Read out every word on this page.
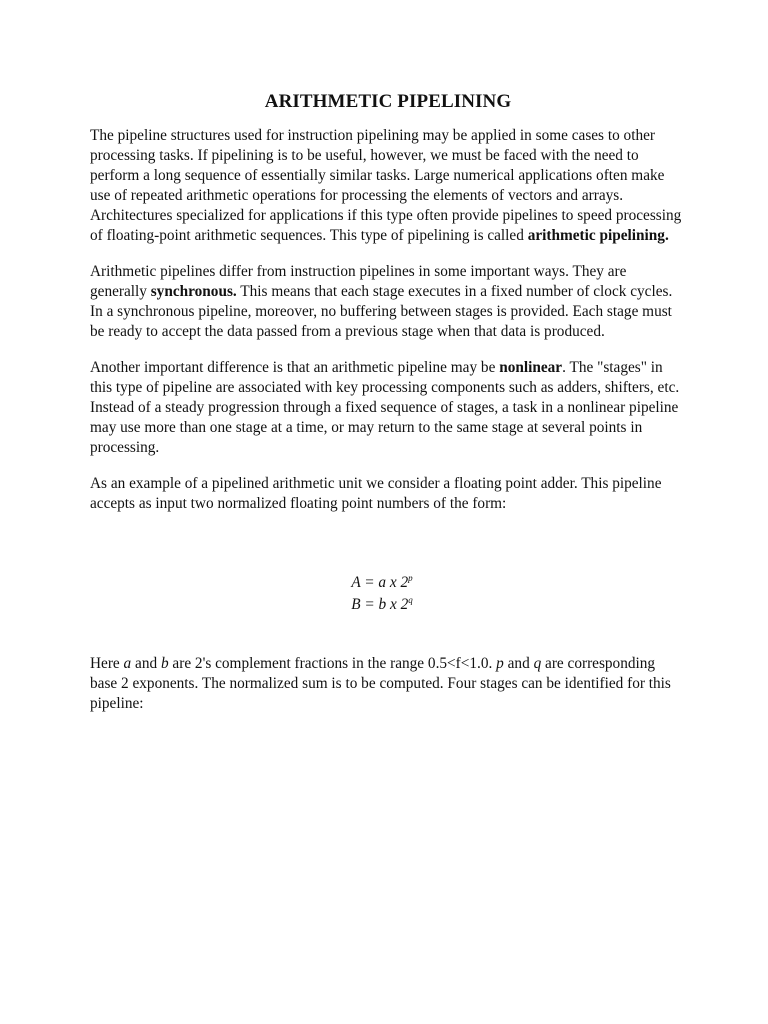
ARITHMETIC PIPELINING

The pipeline structures used for instruction pipelining may be applied in some cases to other processing tasks. If pipelining is to be useful, however, we must be faced with the need to perform a long sequence of essentially similar tasks. Large numerical applications often make use of repeated arithmetic operations for processing the elements of vectors and arrays. Architectures specialized for applications if this type often provide pipelines to speed processing of floating-point arithmetic sequences. This type of pipelining is called arithmetic pipelining.

Arithmetic pipelines differ from instruction pipelines in some important ways. They are generally synchronous. This means that each stage executes in a fixed number of clock cycles. In a synchronous pipeline, moreover, no buffering between stages is provided. Each stage must be ready to accept the data passed from a previous stage when that data is produced.

Another important difference is that an arithmetic pipeline may be nonlinear. The "stages" in this type of pipeline are associated with key processing components such as adders, shifters, etc. Instead of a steady progression through a fixed sequence of stages, a task in a nonlinear pipeline may use more than one stage at a time, or may return to the same stage at several points in processing.

As an example of a pipelined arithmetic unit we consider a floating point adder. This pipeline accepts as input two normalized floating point numbers of the form:

A = a x 2$^p$
B = b x 2$^q$

Here a and b are 2's complement fractions in the range 0.5<f<1.0. p and q are corresponding base 2 exponents. The normalized sum is to be computed. Four stages can be identified for this pipeline:
